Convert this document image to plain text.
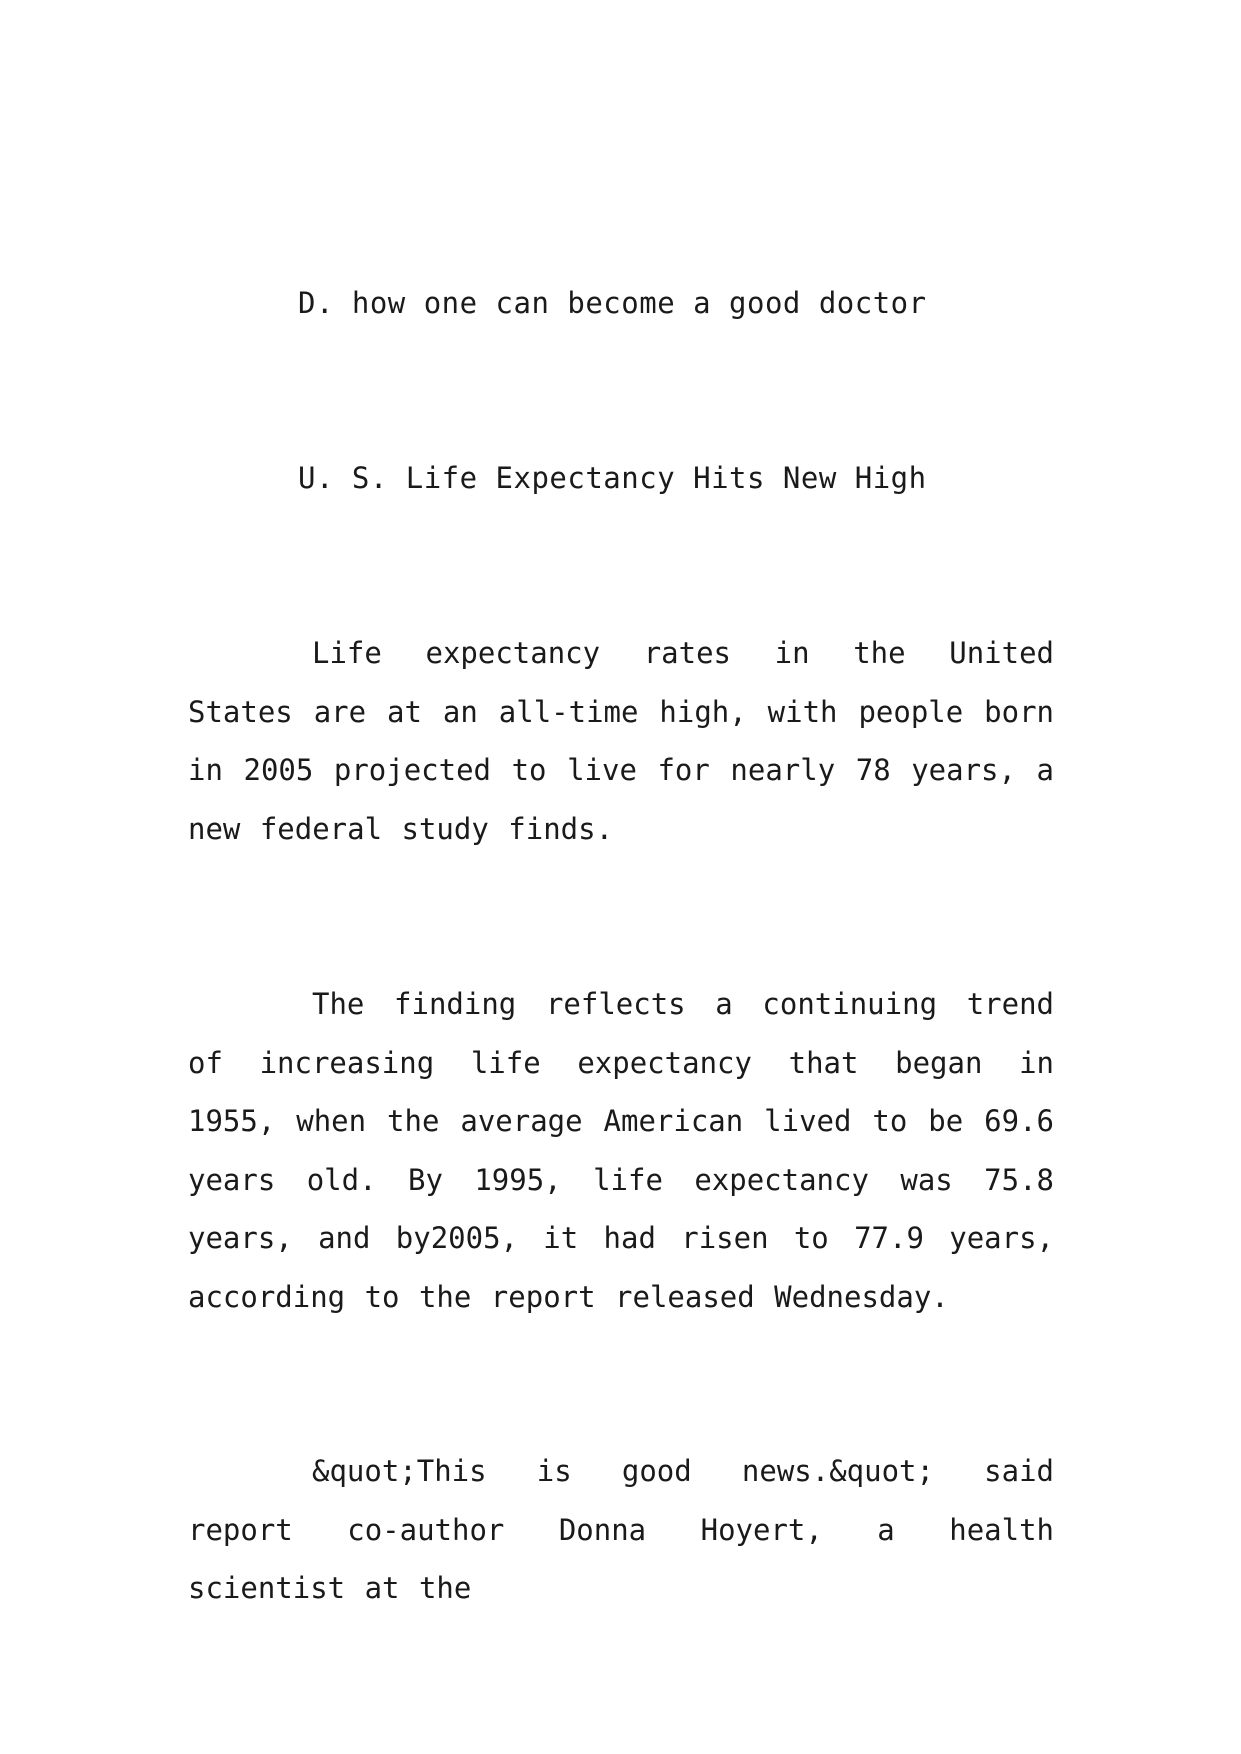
D. how one can become a good doctor
U. S. Life Expectancy Hits New High

Life expectancy rates in the United States are at an all-time high, with people born in 2005 projected to live for nearly 78 years, a new federal study finds.

The finding reflects a continuing trend of increasing life expectancy that began in 1955, when the average American lived to be 69.6 years old. By 1995, life expectancy was 75.8 years, and by2005, it had risen to 77.9 years, according to the report released Wednesday.

&quot;This is good news.&quot; said report co-author Donna Hoyert, a health scientist at the
